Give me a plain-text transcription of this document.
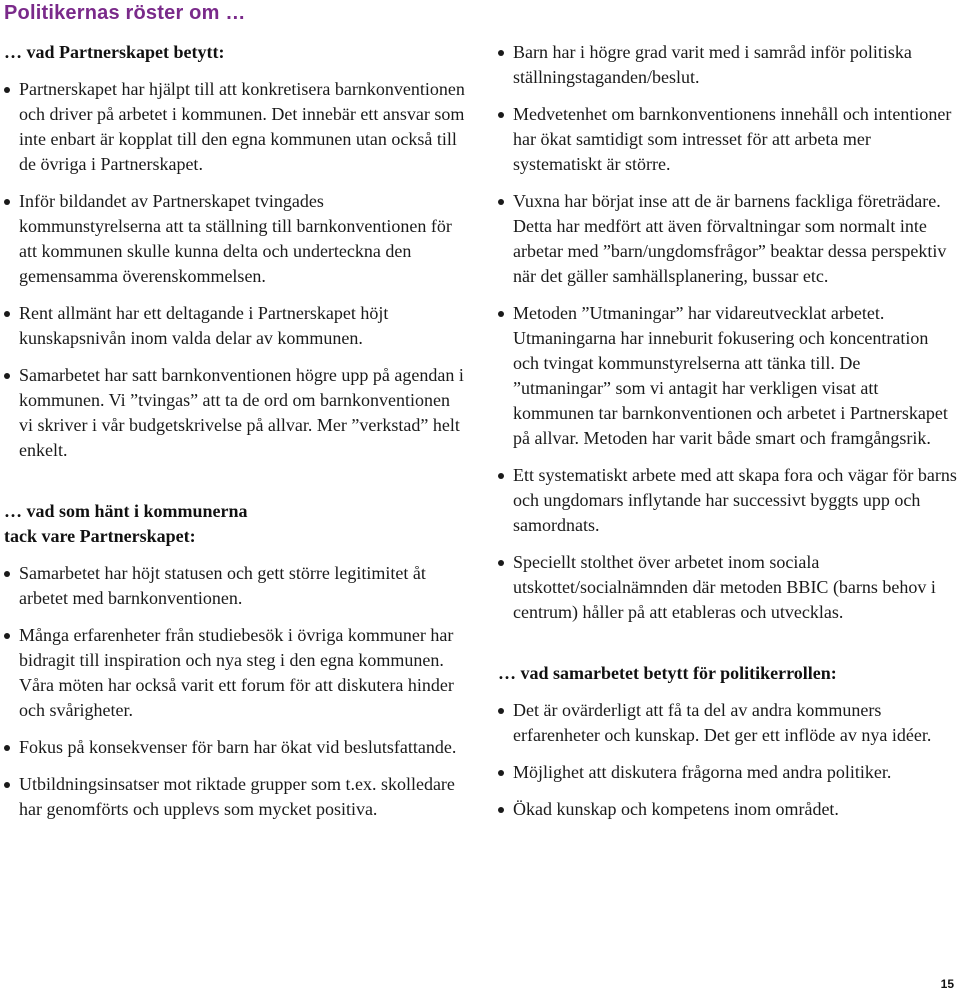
Politikernas röster om …
… vad Partnerskapet betytt:
Partnerskapet har hjälpt till att konkretisera barnkonventionen och driver på arbetet i kommunen. Det innebär ett ansvar som inte enbart är kopplat till den egna kommunen utan också till de övriga i Partnerskapet.
Inför bildandet av Partnerskapet tvingades kommunstyrelserna att ta ställning till barnkonventionen för att kommunen skulle kunna delta och underteckna den gemensamma överenskommelsen.
Rent allmänt har ett deltagande i Partnerskapet höjt kunskapsnivån inom valda delar av kommunen.
Samarbetet har satt barnkonventionen högre upp på agendan i kommunen. Vi ”tvingas” att ta de ord om barnkonventionen vi skriver i vår budgetskrivelse på allvar. Mer ”verkstad” helt enkelt.
… vad som hänt i kommunerna
tack vare Partnerskapet:
Samarbetet har höjt statusen och gett större legitimitet åt arbetet med barnkonventionen.
Många erfarenheter från studiebesök i övriga kommuner har bidragit till inspiration och nya steg i den egna kommunen. Våra möten har också varit ett forum för att diskutera hinder och svårigheter.
Fokus på konsekvenser för barn har ökat vid beslutsfattande.
Utbildningsinsatser mot riktade grupper som t.ex. skolledare har genomförts och upplevs som mycket positiva.
Barn har i högre grad varit med i samråd inför politiska ställningstaganden/beslut.
Medvetenhet om barnkonventionens innehåll och intentioner har ökat samtidigt som intresset för att arbeta mer systematiskt är större.
Vuxna har börjat inse att de är barnens fackliga företrädare. Detta har medfört att även förvaltningar som normalt inte arbetar med ”barn/ungdomsfrågor” beaktar dessa perspektiv när det gäller samhällsplanering, bussar etc.
Metoden ”Utmaningar” har vidareutvecklat arbetet. Utmaningarna har inneburit fokusering och koncentration och tvingat kommunstyrelserna att tänka till. De ”utmaningar” som vi antagit har verkligen visat att kommunen tar barnkonventionen och arbetet i Partnerskapet på allvar. Metoden har varit både smart och framgångsrik.
Ett systematiskt arbete med att skapa fora och vägar för barns och ungdomars inflytande har successivt byggts upp och samordnats.
Speciellt stolthet över arbetet inom sociala utskottet/socialnämnden där metoden BBIC (barns behov i centrum) håller på att etableras och utvecklas.
… vad samarbetet betytt för politikerrollen:
Det är ovärderligt att få ta del av andra kommuners erfarenheter och kunskap. Det ger ett inflöde av nya idéer.
Möjlighet att diskutera frågorna med andra politiker.
Ökad kunskap och kompetens inom området.
15
